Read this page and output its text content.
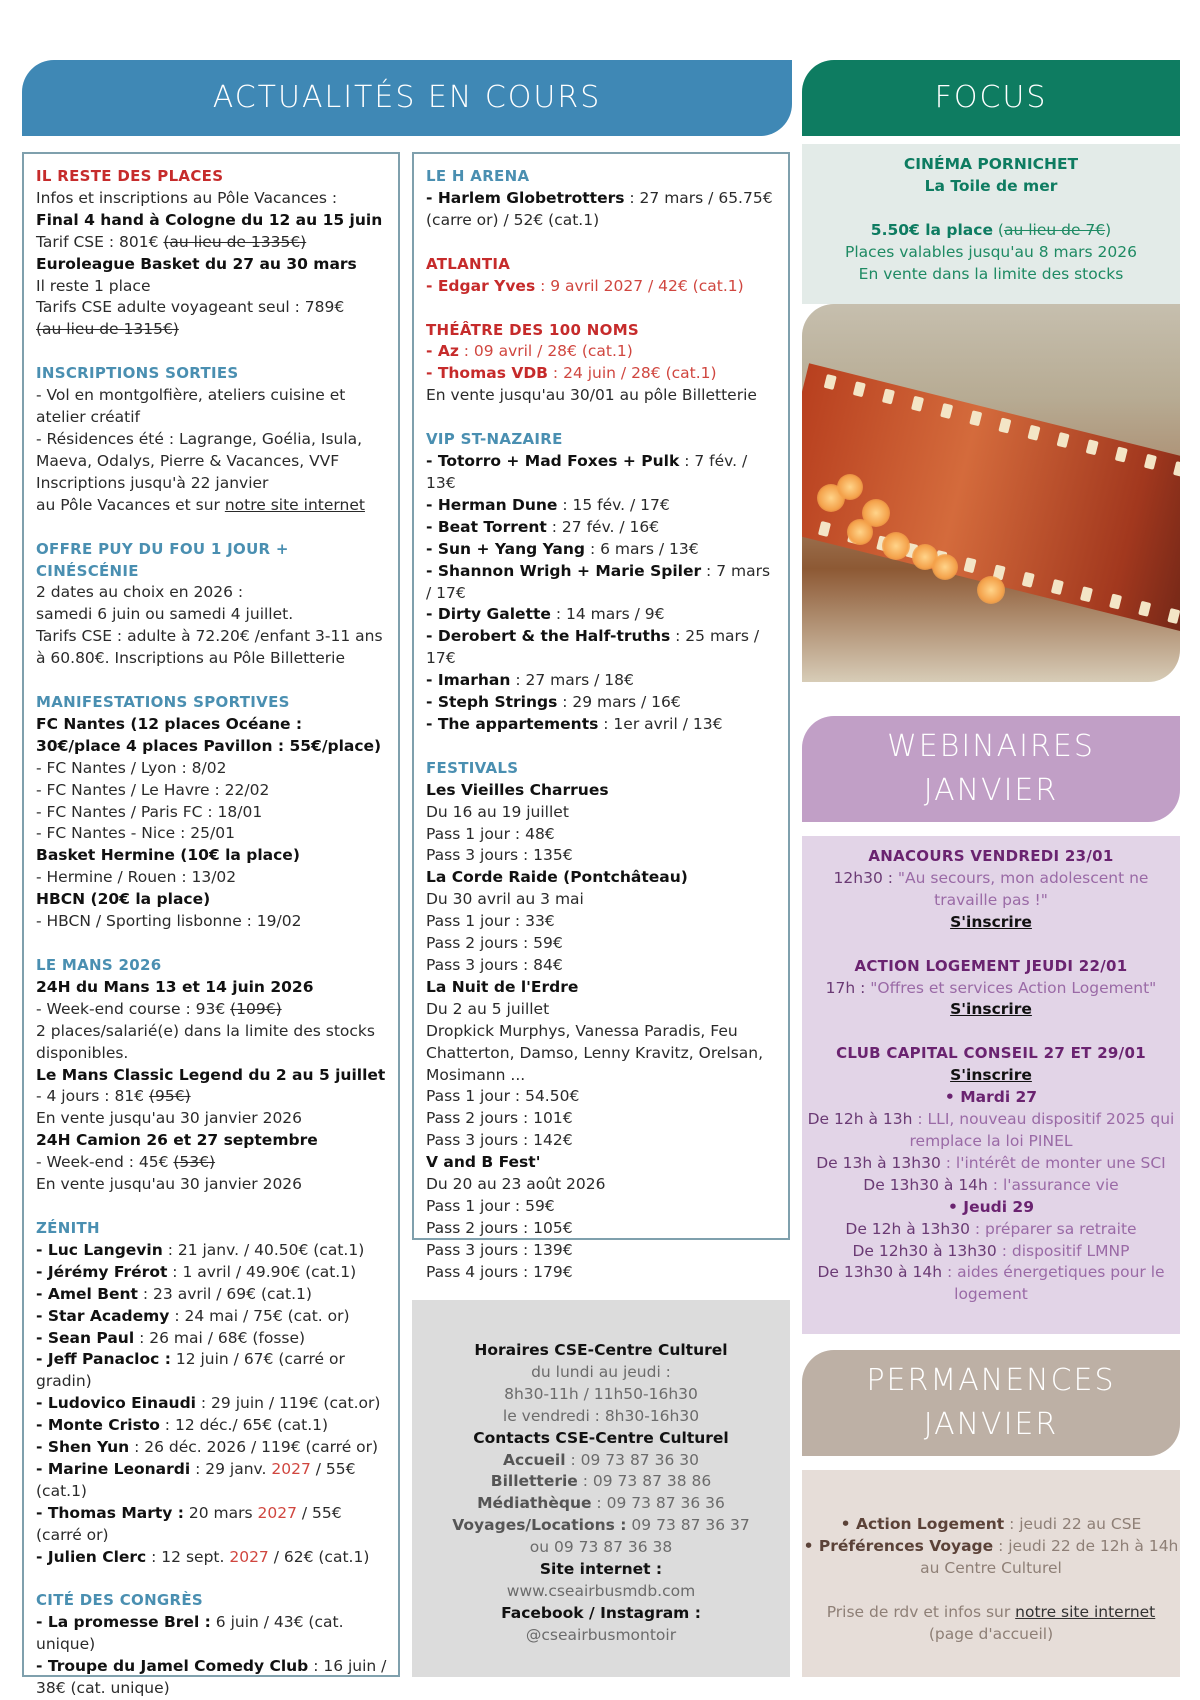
ACTUALITÉS EN COURS	FOCUS
WEBINAIRES
JANVIER
PERMANENCES
JANVIER
IL RESTE DES PLACES
Infos et inscriptions au Pôle Vacances :
Final 4 hand à Cologne du 12 au 15 juin
Tarif CSE : 801€ (au lieu de 1335€)
Euroleague Basket du 27 au 30 mars
Il reste 1 place
Tarifs CSE adulte voyageant seul : 789€
(au lieu de 1315€)
INSCRIPTIONS SORTIES
- Vol en montgolfière, ateliers cuisine et atelier créatif
- Résidences été : Lagrange, Goélia, Isula, Maeva, Odalys, Pierre & Vacances, VVF
Inscriptions jusqu'à 22 janvier
au Pôle Vacances et sur notre site internet
OFFRE PUY DU FOU 1 JOUR + CINÉSCÉNIE
2 dates au choix en 2026 :
samedi 6 juin ou samedi 4 juillet.
Tarifs CSE : adulte à 72.20€ /enfant 3-11 ans à 60.80€. Inscriptions au Pôle Billetterie
MANIFESTATIONS SPORTIVES
FC Nantes (12 places Océane : 30€/place 4 places Pavillon : 55€/place)
- FC Nantes / Lyon : 8/02
- FC Nantes / Le Havre : 22/02
- FC Nantes / Paris FC : 18/01
- FC Nantes - Nice : 25/01
Basket Hermine (10€ la place)
- Hermine / Rouen : 13/02
HBCN (20€ la place)
- HBCN / Sporting lisbonne : 19/02
LE MANS 2026
24H du Mans 13 et 14 juin 2026
- Week-end course : 93€ (109€)
2 places/salarié(e) dans la limite des stocks disponibles.
Le Mans Classic Legend du 2 au 5 juillet
- 4 jours : 81€ (95€)
En vente jusqu'au 30 janvier 2026
24H Camion 26 et 27 septembre
- Week-end : 45€ (53€)
En vente jusqu'au 30 janvier 2026
ZÉNITH
- Luc Langevin : 21 janv. / 40.50€ (cat.1)
- Jérémy Frérot : 1 avril / 49.90€ (cat.1)
- Amel Bent : 23 avril / 69€ (cat.1)
- Star Academy : 24 mai / 75€ (cat. or)
- Sean Paul : 26 mai / 68€ (fosse)
- Jeff Panacloc : 12 juin / 67€ (carré or gradin)
- Ludovico Einaudi : 29 juin / 119€ (cat.or)
- Monte Cristo : 12 déc./ 65€ (cat.1)
- Shen Yun : 26 déc. 2026 / 119€ (carré or)
- Marine Leonardi : 29 janv. 2027 / 55€ (cat.1)
- Thomas Marty : 20 mars 2027 / 55€ (carré or)
- Julien Clerc : 12 sept. 2027 / 62€ (cat.1)
CITÉ DES CONGRÈS
- La promesse Brel : 6 juin / 43€ (cat. unique)
- Troupe du Jamel Comedy Club : 16 juin / 38€ (cat. unique)
LE H ARENA
- Harlem Globetrotters : 27 mars / 65.75€ (carre or) / 52€ (cat.1)
ATLANTIA
- Edgar Yves : 9 avril 2027 / 42€ (cat.1)
THÉÂTRE DES 100 NOMS
- Az : 09 avril / 28€ (cat.1)
- Thomas VDB : 24 juin / 28€ (cat.1)
En vente jusqu'au 30/01 au pôle Billetterie
VIP ST-NAZAIRE
- Totorro + Mad Foxes + Pulk : 7 fév. / 13€
- Herman Dune : 15 fév. / 17€
- Beat Torrent : 27 fév. / 16€
- Sun + Yang Yang : 6 mars / 13€
- Shannon Wrigh + Marie Spiler : 7 mars / 17€
- Dirty Galette : 14 mars / 9€
- Derobert & the Half-truths : 25 mars / 17€
- Imarhan : 27 mars / 18€
- Steph Strings : 29 mars / 16€
- The appartements : 1er avril / 13€
FESTIVALS
Les Vieilles Charrues
Du 16 au 19 juillet
Pass 1 jour : 48€
Pass 3 jours : 135€
La Corde Raide (Pontchâteau)
Du 30 avril au 3 mai
Pass 1 jour : 33€
Pass 2 jours : 59€
Pass 3 jours : 84€
La Nuit de l'Erdre
Du 2 au 5 juillet
Dropkick Murphys, Vanessa Paradis, Feu Chatterton, Damso, Lenny Kravitz, Orelsan, Mosimann ...
Pass 1 jour : 54.50€
Pass 2 jours : 101€
Pass 3 jours : 142€
V and B Fest'
Du 20 au 23 août 2026
Pass 1 jour : 59€
Pass 2 jours : 105€
Pass 3 jours : 139€
Pass 4 jours : 179€
Horaires CSE-Centre Culturel
du lundi au jeudi :
8h30-11h / 11h50-16h30
le vendredi : 8h30-16h30
Contacts CSE-Centre Culturel
Accueil : 09 73 87 36 30
Billetterie : 09 73 87 38 86
Médiathèque : 09 73 87 36 36
Voyages/Locations : 09 73 87 36 37
ou 09 73 87 36 38
Site internet :
www.cseairbusmdb.com
Facebook / Instagram :
@cseairbusmontoir
CINÉMA PORNICHET
La Toile de mer
5.50€ la place (au lieu de 7€)
Places valables jusqu'au 8 mars 2026
En vente dans la limite des stocks
ANACOURS VENDREDI 23/01
12h30 : "Au secours, mon adolescent ne travaille pas !"
S'inscrire
ACTION LOGEMENT JEUDI 22/01
17h : "Offres et services Action Logement"
S'inscrire
CLUB CAPITAL CONSEIL 27 ET 29/01
S'inscrire
• Mardi 27
De 12h à 13h : LLI, nouveau dispositif 2025 qui remplace la loi PINEL
De 13h à 13h30 : l'intérêt de monter une SCI
De 13h30 à 14h : l'assurance vie
• Jeudi 29
De 12h à 13h30 : préparer sa retraite
De 12h30 à 13h30 : dispositif LMNP
De 13h30 à 14h : aides énergetiques pour le logement
• Action Logement : jeudi 22 au CSE
• Préférences Voyage : jeudi 22 de 12h à 14h au Centre Culturel
Prise de rdv et infos sur notre site internet
(page d'accueil)
